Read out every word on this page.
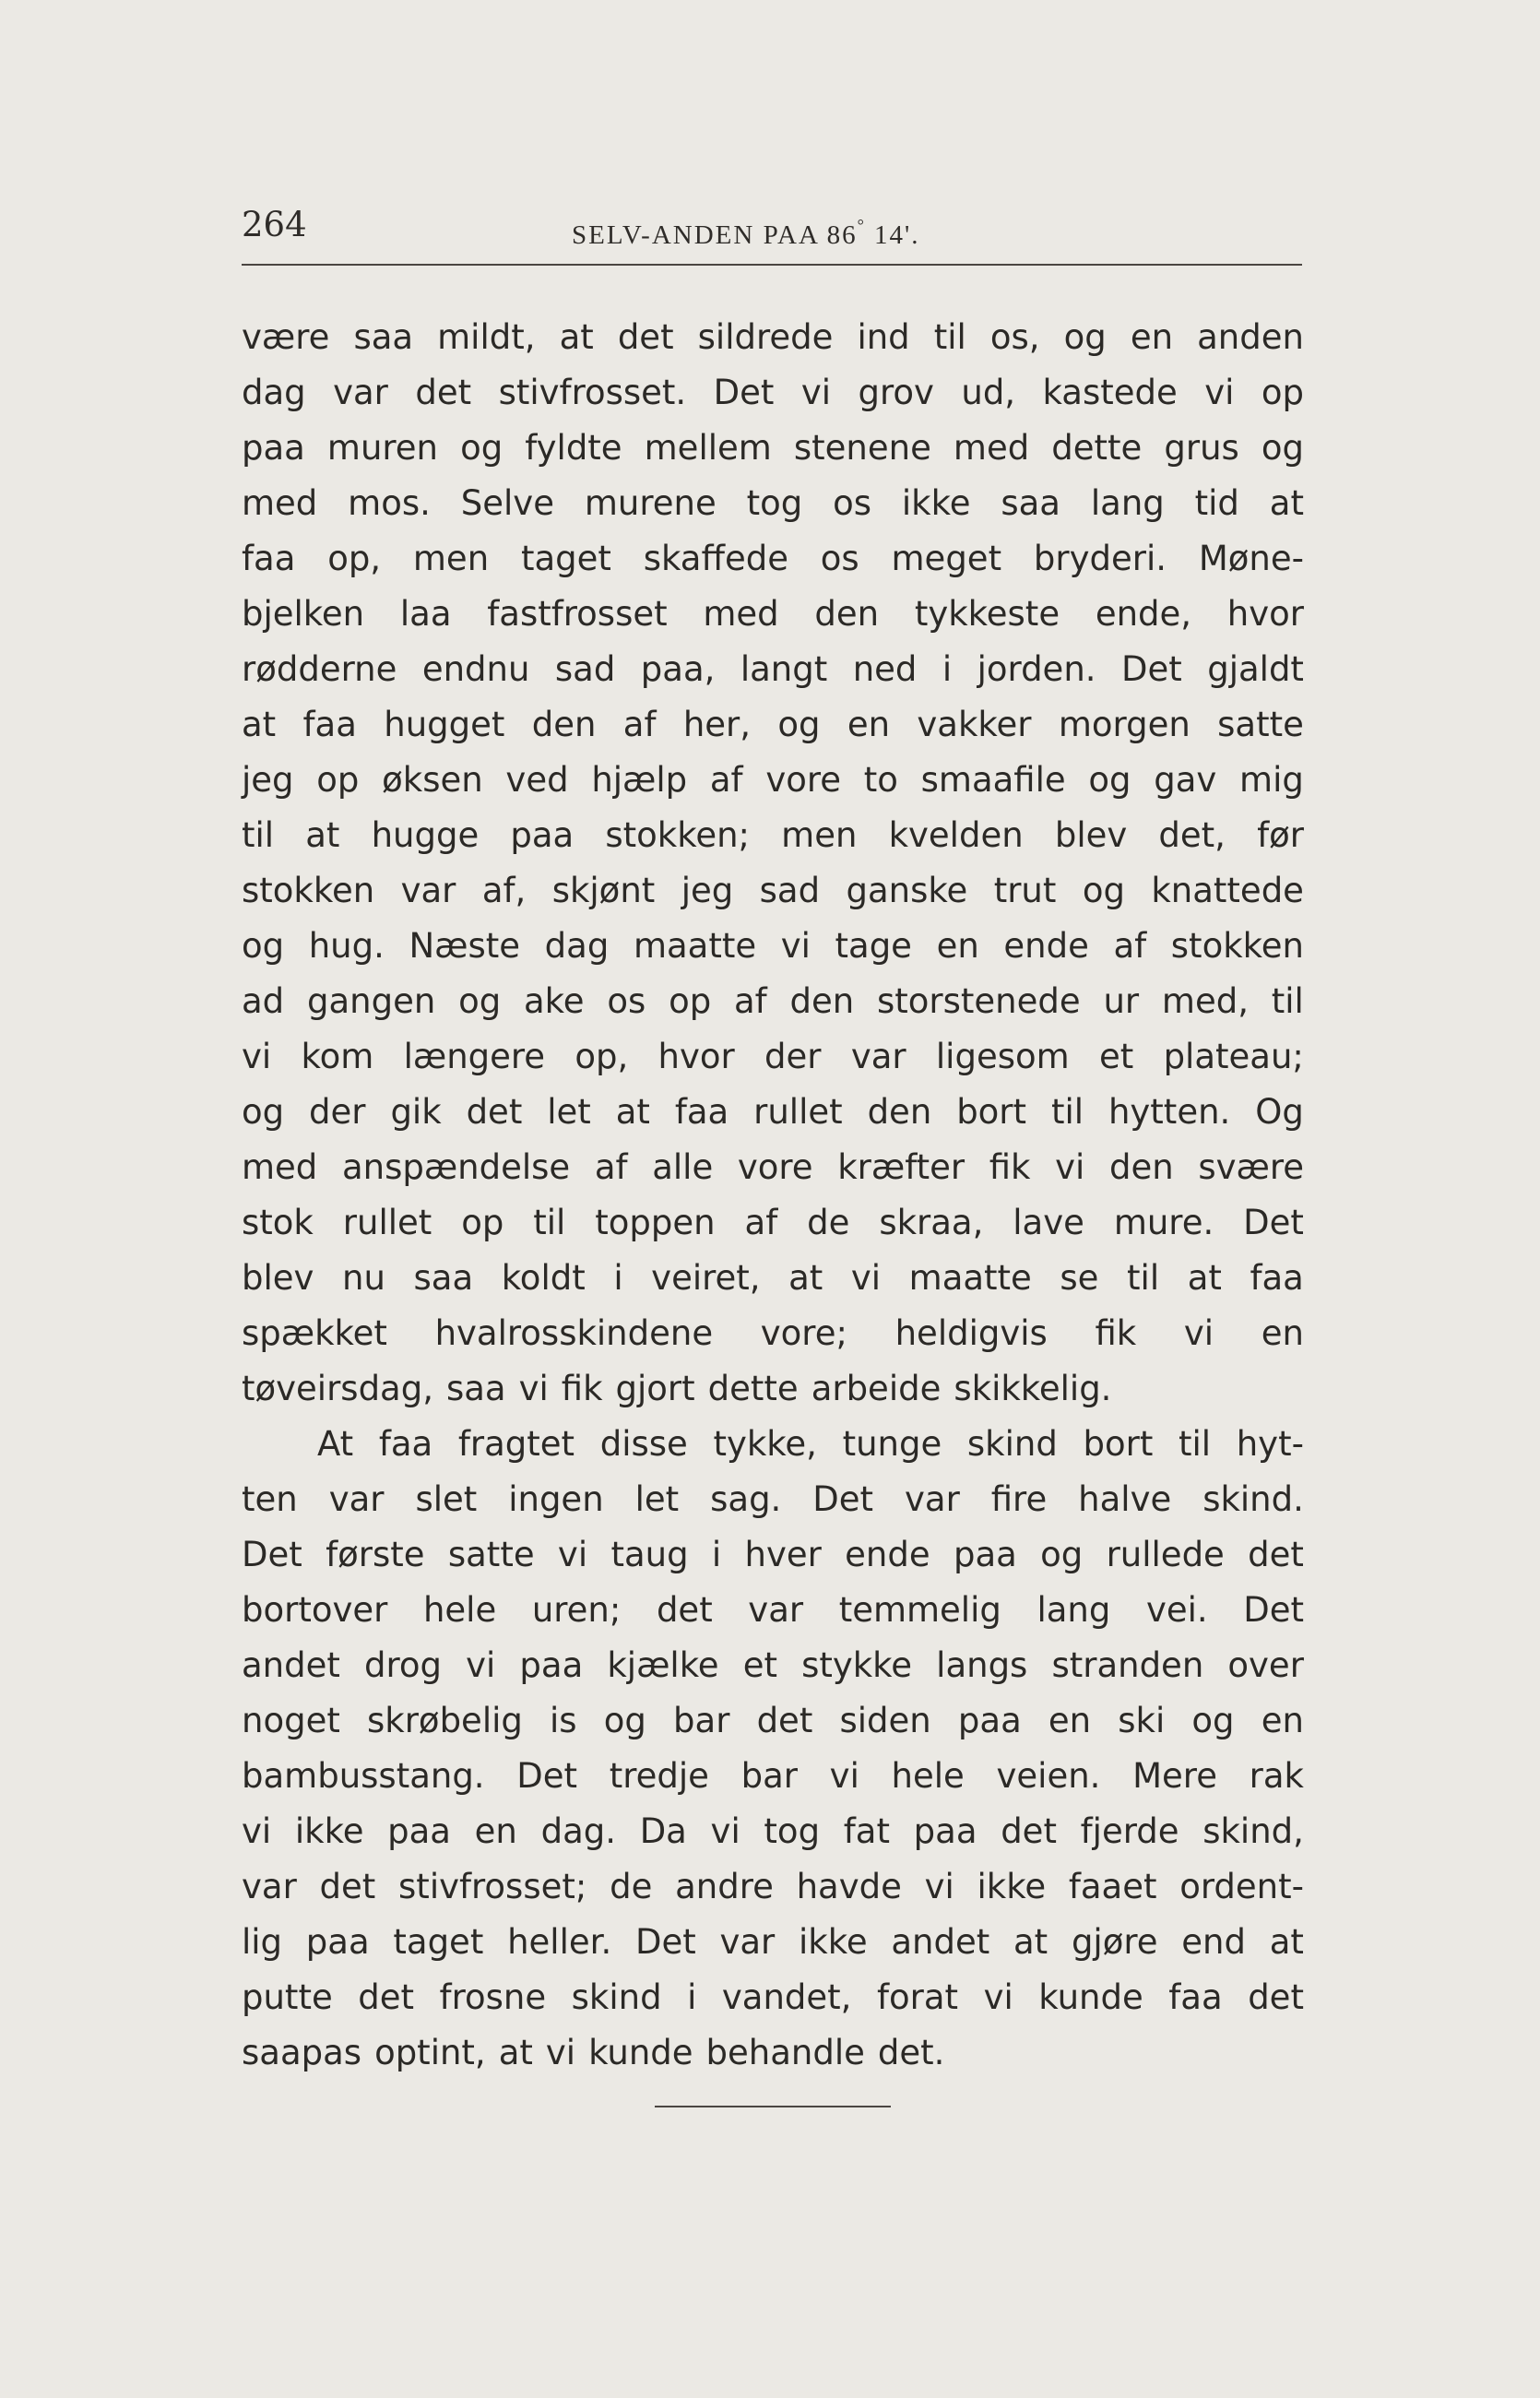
264	SELV-ANDEN PAA 86° 14'.
være saa mildt, at det sildrede ind til os, og en anden
dag var det stivfrosset. Det vi grov ud, kastede vi op
paa muren og fyldte mellem stenene med dette grus og
med mos. Selve murene tog os ikke saa lang tid at
faa op, men taget skaffede os meget bryderi. Møne-
bjelken laa fastfrosset med den tykkeste ende, hvor
rødderne endnu sad paa, langt ned i jorden. Det gjaldt
at faa hugget den af her, og en vakker morgen satte
jeg op øksen ved hjælp af vore to smaafile og gav mig
til at hugge paa stokken; men kvelden blev det, før
stokken var af, skjønt jeg sad ganske trut og knattede
og hug. Næste dag maatte vi tage en ende af stokken
ad gangen og ake os op af den storstenede ur med, til
vi kom længere op, hvor der var ligesom et plateau;
og der gik det let at faa rullet den bort til hytten. Og
med anspændelse af alle vore kræfter fik vi den svære
stok rullet op til toppen af de skraa, lave mure. Det
blev nu saa koldt i veiret, at vi maatte se til at faa
spækket hvalrosskindene vore; heldigvis fik vi en
tøveirsdag, saa vi fik gjort dette arbeide skikkelig.
At faa fragtet disse tykke, tunge skind bort til hyt-
ten var slet ingen let sag. Det var fire halve skind.
Det første satte vi taug i hver ende paa og rullede det
bortover hele uren; det var temmelig lang vei. Det
andet drog vi paa kjælke et stykke langs stranden over
noget skrøbelig is og bar det siden paa en ski og en
bambusstang. Det tredje bar vi hele veien. Mere rak
vi ikke paa en dag. Da vi tog fat paa det fjerde skind,
var det stivfrosset; de andre havde vi ikke faaet ordent-
lig paa taget heller. Det var ikke andet at gjøre end at
putte det frosne skind i vandet, forat vi kunde faa det
saapas optint, at vi kunde behandle det.
